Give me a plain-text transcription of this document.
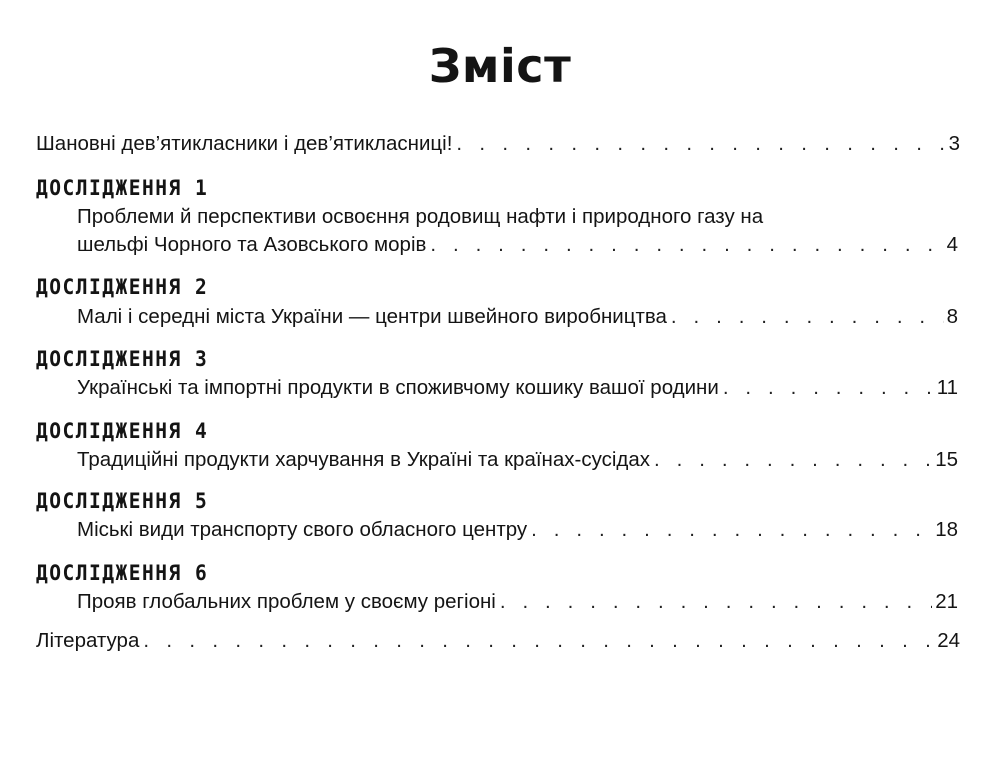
Зміст
Шановні дев’ятикласники і дев’ятикласниці! . . .	3
ДОСЛІДЖЕННЯ 1
Проблеми й перспективи освоєння родовищ нафти і природного газу на
шельфі Чорного та Азовського морів . . .	4
ДОСЛІДЖЕННЯ 2
Малі і середні міста України — центри швейного виробництва . . .	8
ДОСЛІДЖЕННЯ 3
Українські та імпортні продукти в споживчому кошику вашої родини . . .	11
ДОСЛІДЖЕННЯ 4
Традиційні продукти харчування в Україні та країнах-сусідах . . .	15
ДОСЛІДЖЕННЯ 5
Міські види транспорту свого обласного центру . . .	18
ДОСЛІДЖЕННЯ 6
Прояв глобальних проблем у своєму регіоні . . .	21
Література . . .	24
